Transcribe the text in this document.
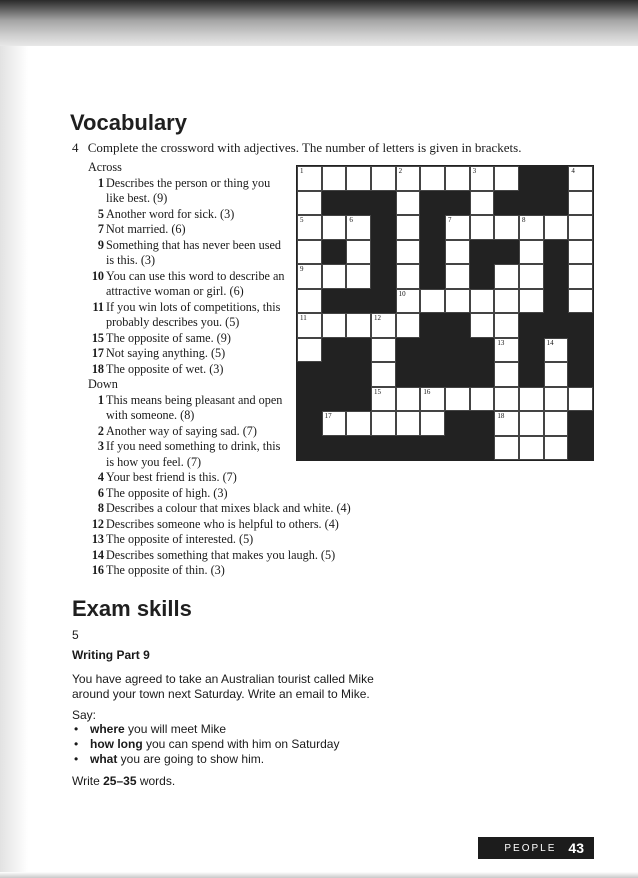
Vocabulary
4 Complete the crossword with adjectives. The number of letters is given in brackets.
Across
1 Describes the person or thing you like best. (9)
5 Another word for sick. (3)
7 Not married. (6)
9 Something that has never been used is this. (3)
10 You can use this word to describe an attractive woman or girl. (6)
11 If you win lots of competitions, this probably describes you. (5)
15 The opposite of same. (9)
17 Not saying anything. (5)
18 The opposite of wet. (3)
Down
1 This means being pleasant and open with someone. (8)
2 Another way of saying sad. (7)
3 If you need something to drink, this is how you feel. (7)
4 Your best friend is this. (7)
6 The opposite of high. (3)
8 Describes a colour that mixes black and white. (4)
12 Describes someone who is helpful to others. (4)
13 The opposite of interested. (5)
14 Describes something that makes you laugh. (5)
16 The opposite of thin. (3)
1	2	3	4
5	6	7	8
9
10
11	12
13	14
15	16
17	18
Exam skills
5
Writing Part 9
You have agreed to take an Australian tourist called Mike around your town next Saturday. Write an email to Mike.
Say:
• where you will meet Mike
• how long you can spend with him on Saturday
• what you are going to show him.
Write 25–35 words.
PEOPLE 43
